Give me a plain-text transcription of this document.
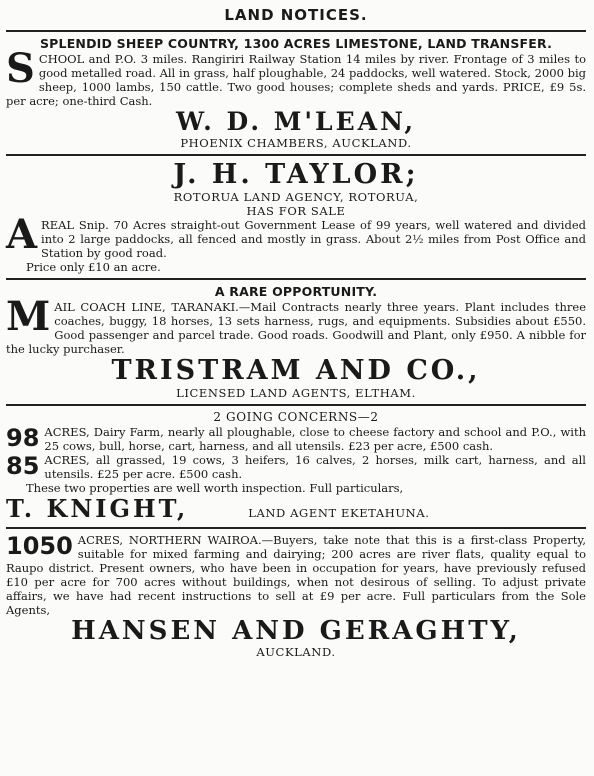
LAND NOTICES.
SPLENDID SHEEP COUNTRY, 1300 ACRES LIMESTONE, LAND TRANSFER.

S CHOOL and P.O. 3 miles. Rangiriri Railway Station 14 miles by river. Frontage of 3 miles to good metalled road. All in grass, half ploughable, 24 paddocks, well watered. Stock, 2000 big sheep, 1000 lambs, 150 cattle. Two good houses; complete sheds and yards. PRICE, £9 5s. per acre; one-third Cash.

W. D. M'LEAN,
PHOENIX CHAMBERS, AUCKLAND.
J. H. TAYLOR;
ROTORUA LAND AGENCY, ROTORUA,
HAS FOR SALE

A REAL Snip. 70 Acres straight-out Government Lease of 99 years, well watered and divided into 2 large paddocks, all fenced and mostly in grass. About 2½ miles from Post Office and Station by good road.

Price only £10 an acre.
A RARE OPPORTUNITY.

M AIL COACH LINE, TARANAKI.—Mail Contracts nearly three years. Plant includes three coaches, buggy, 18 horses, 13 sets harness, rugs, and equipments. Subsidies about £550. Good passenger and parcel trade. Good roads. Goodwill and Plant, only £950. A nibble for the lucky purchaser.

TRISTRAM AND CO.,
LICENSED LAND AGENTS, ELTHAM.
2 GOING CONCERNS—2

98 ACRES, Dairy Farm, nearly all ploughable, close to cheese factory and school and P.O., with 25 cows, bull, horse, cart, harness, and all utensils. £23 per acre, £500 cash.

85 ACRES, all grassed, 19 cows, 3 heifers, 16 calves, 2 horses, milk cart, harness, and all utensils. £25 per acre. £500 cash.

These two properties are well worth inspection. Full particulars,
T. KNIGHT,	LAND AGENT EKETAHUNA.

1050 ACRES, NORTHERN WAIROA.—Buyers, take note that this is a first-class Property, suitable for mixed farming and dairying; 200 acres are river flats, quality equal to Raupo district. Present owners, who have been in occupation for years, have previously refused £10 per acre for 700 acres without buildings, when not desirous of selling. To adjust private affairs, we have had recent instructions to sell at £9 per acre. Full particulars from the Sole Agents,

HANSEN AND GERAGHTY,
AUCKLAND.
